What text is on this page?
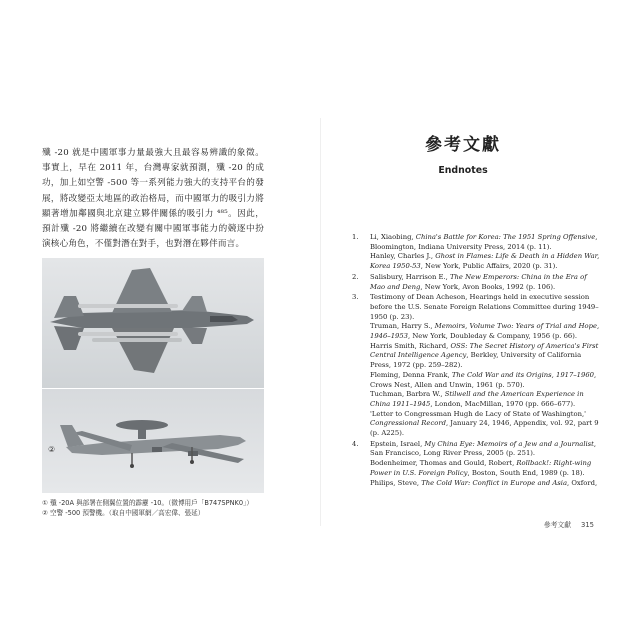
殲 -20 就是中國軍事力量最強大且最容易辨識的象徵。事實上，早在 2011 年，台灣專家就預測，殲 -20 的成功，加上如空警 -500 等一系列能力強大的支持平台的發展，將改變亞太地區的政治格局，而中國軍力的吸引力將顯著增加鄰國與北京建立夥伴關係的吸引力 ⁴⁸⁵。因此，預計殲 -20 將繼續在改變有關中國軍事能力的競逐中扮演核心角色，不僅對潛在對手，也對潛在夥伴而言。

②
① 殲 -20A 與部署在側翼位置的霹靂 -10。（微博用戶「B747SPNK0」）
② 空警 -500 預警機。（取自中國軍網／高宏偉、張延）
參考文獻
Endnotes
1. Li, Xiaobing, China's Battle for Korea: The 1951 Spring Offensive, Bloomington, Indiana University Press, 2014 (p. 11).

Hanley, Charles J., Ghost in Flames: Life & Death in a Hidden War, Korea 1950-53, New York, Public Affairs, 2020 (p. 31).

2. Salisbury, Harrison E., The New Emperors: China in the Era of Mao and Deng, New York, Avon Books, 1992 (p. 106).

3. Testimony of Dean Acheson, Hearings held in executive session before the U.S. Senate Foreign Relations Committee during 1949–1950 (p. 23).

Truman, Harry S., Memoirs, Volume Two: Years of Trial and Hope, 1946–1953, New York, Doubleday & Company, 1956 (p. 66).

Harris Smith, Richard, OSS: The Secret History of America's First Central Intelligence Agency, Berkley, University of California Press, 1972 (pp. 259–282).

Fleming, Denna Frank, The Cold War and its Origins, 1917–1960, Crows Nest, Allen and Unwin, 1961 (p. 570).

Tuchman, Barbra W., Stilwell and the American Experience in China 1911–1945, London, MacMillan, 1970 (pp. 666–677).

'Letter to Congressman Hugh de Lacy of State of Washington,' Congressional Record, January 24, 1946, Appendix, vol. 92, part 9 (p. A225).

4. Epstein, Israel, My China Eye: Memoirs of a Jew and a Journalist, San Francisco, Long River Press, 2005 (p. 251).

Bodenheimer, Thomas and Gould, Robert, Rollback!: Right-wing Power in U.S. Foreign Policy, Boston, South End, 1989 (p. 18).

Philips, Steve, The Cold War: Conflict in Europe and Asia, Oxford,

參考文獻 315
